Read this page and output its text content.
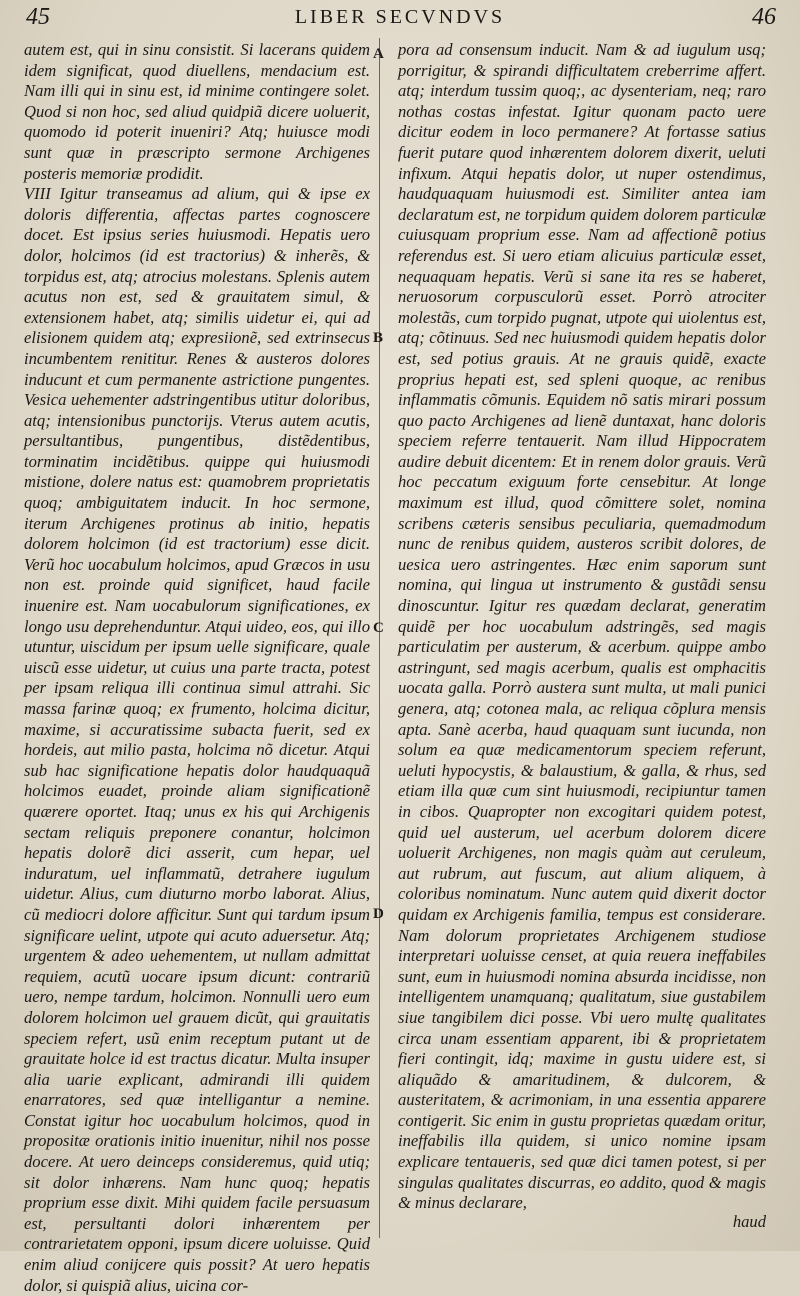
45	LIBER SECVNDVS	46

autem est, qui in sinu consistit. Si lacerans quidem idem significat, quod diuellens, mendacium est. Nam illi qui in sinu est, id minime contingere solet. Quod si non hoc, sed aliud quidpiã dicere uoluerit, quomodo id poterit inueniri? Atq; huiusce modi sunt quæ in præscripto sermone Archigenes posteris memoriæ prodidit.

VIII Igitur transeamus ad alium, qui & ipse ex doloris differentia, affectas partes cognoscere docet. Est ipsius series huiusmodi. Hepatis uero dolor, holcimos (id est tractorius) & inherẽs, & torpidus est, atq; atrocius molestans. Splenis autem acutus non est, sed & grauitatem simul, & extensionem habet, atq; similis uidetur ei, qui ad elisionem quidem atq; expresiionẽ, sed extrinsecus incumbentem renititur. Renes & austeros dolores inducunt et cum permanente astrictione pungentes. Vesica uehementer adstringentibus utitur doloribus, atq; intensionibus punctorijs. Vterus autem acutis, persultantibus, pungentibus, distẽdentibus, torminatim incidẽtibus. quippe qui huiusmodi mistione, dolere natus est: quamobrem proprietatis quoq; ambiguitatem inducit. In hoc sermone, iterum Archigenes protinus ab initio, hepatis dolorem holcimon (id est tractorium) esse dicit. Verũ hoc uocabulum holcimos, apud Græcos in usu non est. proinde quid significet, haud facile inuenire est. Nam uocabulorum significationes, ex longo usu deprehenduntur. Atqui uideo, eos, qui illo utuntur, uiscidum per ipsum uelle significare, quale uiscũ esse uidetur, ut cuius una parte tracta, potest per ipsam reliqua illi continua simul attrahi. Sic massa farinæ quoq; ex frumento, holcima dicitur, maxime, si accuratissime subacta fuerit, sed ex hordeis, aut milio pasta, holcima nõ dicetur. Atqui sub hac significatione hepatis dolor haudquaquã holcimos euadet, proinde aliam significationẽ quærere oportet. Itaq; unus ex his qui Archigenis sectam reliquis preponere conantur, holcimon hepatis dolorẽ dici asserit, cum hepar, uel induratum, uel inflammatũ, detrahere iugulum uidetur. Alius, cum diuturno morbo laborat. Alius, cũ mediocri dolore afficitur. Sunt qui tardum ipsum significare uelint, utpote qui acuto aduersetur. Atq; urgentem & adeo uehementem, ut nullam admittat requiem, acutũ uocare ipsum dicunt: contrariũ uero, nempe tardum, holcimon. Nonnulli uero eum dolorem holcimon uel grauem dicũt, qui grauitatis speciem refert, usũ enim receptum putant ut de grauitate holce id est tractus dicatur. Multa insuper alia uarie explicant, admirandi illi quidem enarratores, sed quæ intelligantur a nemine. Constat igitur hoc uocabulum holcimos, quod in propositæ orationis initio inuenitur, nihil nos posse docere. At uero deinceps consideremus, quid utiq; sit dolor inhærens. Nam hunc quoq; hepatis proprium esse dixit. Mihi quidem facile persuasum est, persultanti dolori inhærentem per contrarietatem opponi, ipsum dicere uoluisse. Quid enim aliud conijcere quis possit? At uero hepatis dolor, si quispiã alius, uicina cor-

A
B
C
D

pora ad consensum inducit. Nam & ad iugulum usq; porrigitur, & spirandi difficultatem creberrime affert. atq; interdum tussim quoq;, ac dysenteriam, neq; raro nothas costas infestat. Igitur quonam pacto uere dicitur eodem in loco permanere? At fortasse satius fuerit putare quod inhærentem dolorem dixerit, ueluti infixum. Atqui hepatis dolor, ut nuper ostendimus, haudquaquam huiusmodi est. Similiter antea iam declaratum est, ne torpidum quidem dolorem particulæ cuiusquam proprium esse. Nam ad affectionẽ potius referendus est. Si uero etiam alicuius particulæ esset, nequaquam hepatis. Verũ si sane ita res se haberet, neruosorum corpusculorũ esset. Porrò atrociter molestãs, cum torpido pugnat, utpote qui uiolentus est, atq; cõtinuus. Sed nec huiusmodi quidem hepatis dolor est, sed potius grauis. At ne grauis quidẽ, exacte proprius hepati est, sed spleni quoque, ac renibus inflammatis cõmunis. Equidem nõ satis mirari possum quo pacto Archigenes ad lienẽ duntaxat, hanc doloris speciem referre tentauerit. Nam illud Hippocratem audire debuit dicentem: Et in renem dolor grauis. Verũ hoc peccatum exiguum forte censebitur. At longe maximum est illud, quod cõmittere solet, nomina scribens cæteris sensibus peculiaria, quemadmodum nunc de renibus quidem, austeros scribit dolores, de uesica uero astringentes. Hæc enim saporum sunt nomina, qui lingua ut instrumento & gustãdi sensu dinoscuntur. Igitur res quædam declarat, generatim quidẽ per hoc uocabulum adstringẽs, sed magis particulatim per austerum, & acerbum. quippe ambo astringunt, sed magis acerbum, qualis est omphacitis uocata galla. Porrò austera sunt multa, ut mali punici genera, atq; cotonea mala, ac reliqua cõplura mensis apta. Sanè acerba, haud quaquam sunt iucunda, non solum ea quæ medicamentorum speciem referunt, ueluti hypocystis, & balaustium, & galla, & rhus, sed etiam illa quæ cum sint huiusmodi, recipiuntur tamen in cibos. Quapropter non excogitari quidem potest, quid uel austerum, uel acerbum dolorem dicere uoluerit Archigenes, non magis quàm aut ceruleum, aut rubrum, aut fuscum, aut alium aliquem, à coloribus nominatum. Nunc autem quid dixerit doctor quidam ex Archigenis familia, tempus est considerare. Nam dolorum proprietates Archigenem studiose interpretari uoluisse censet, at quia reuera ineffabiles sunt, eum in huiusmodi nomina absurda incidisse, non intelligentem unamquanq; qualitatum, siue gustabilem siue tangibilem dici posse. Vbi uero multę qualitates circa unam essentiam apparent, ibi & proprietatem fieri contingit, idq; maxime in gustu uidere est, si aliquãdo & amaritudinem, & dulcorem, & austeritatem, & acrimoniam, in una essentia apparere contigerit. Sic enim in gustu proprietas quædam oritur, ineffabilis illa quidem, si unico nomine ipsam explicare tentaueris, sed quæ dici tamen potest, si per singulas qualitates discurras, eo addito, quod & magis & minus declarare,

haud
